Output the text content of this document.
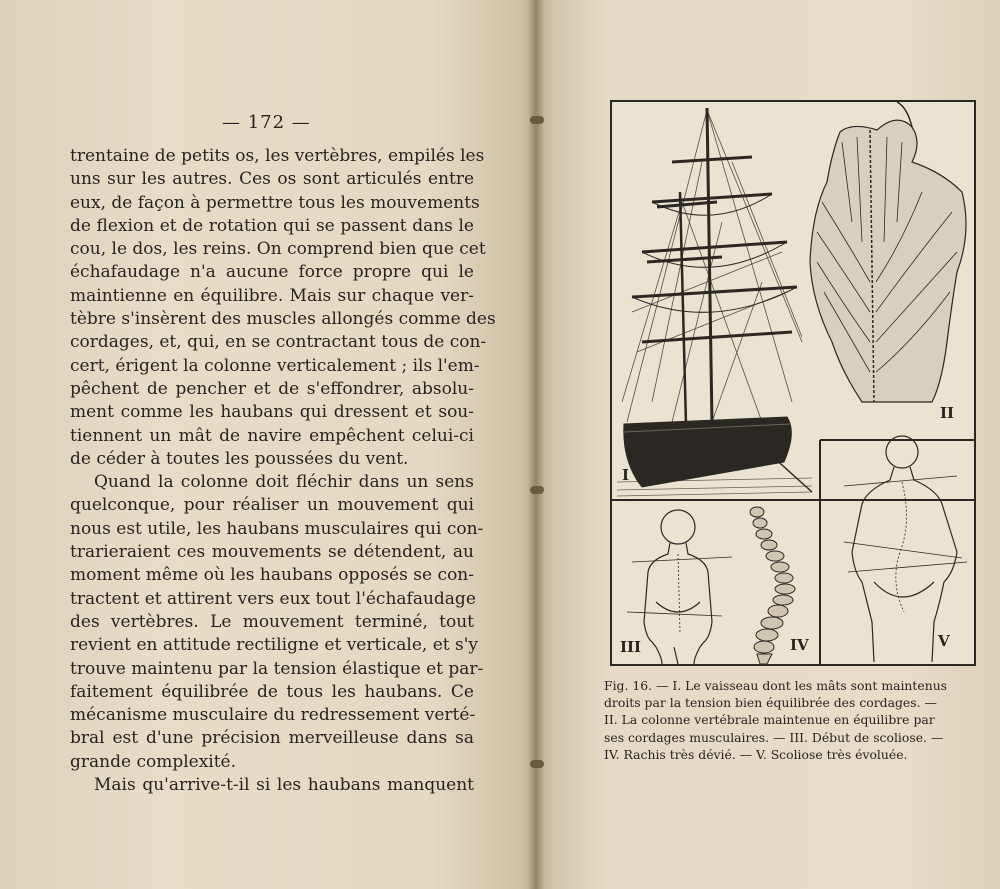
— 172 —
trentaine de petits os, les vertèbres, empilés les
uns sur les autres. Ces os sont articulés entre
eux, de façon à permettre tous les mouvements
de flexion et de rotation qui se passent dans le
cou, le dos, les reins. On comprend bien que cet
échafaudage n'a aucune force propre qui le
maintienne en équilibre. Mais sur chaque ver-
tèbre s'insèrent des muscles allongés comme des
cordages, et, qui, en se contractant tous de con-
cert, érigent la colonne verticalement ; ils l'em-
pêchent de pencher et de s'effondrer, absolu-
ment comme les haubans qui dressent et sou-
tiennent un mât de navire empêchent celui-ci
de céder à toutes les poussées du vent.
Quand la colonne doit fléchir dans un sens
quelconque, pour réaliser un mouvement qui
nous est utile, les haubans musculaires qui con-
trarieraient ces mouvements se détendent, au
moment même où les haubans opposés se con-
tractent et attirent vers eux tout l'échafaudage
des vertèbres. Le mouvement terminé, tout
revient en attitude rectiligne et verticale, et s'y
trouve maintenu par la tension élastique et par-
faitement équilibrée de tous les haubans. Ce
mécanisme musculaire du redressement verté-
bral est d'une précision merveilleuse dans sa
grande complexité.
Mais qu'arrive-t-il si les haubans manquent
I
II
III	IV	V
Fig. 16. — I. Le vaisseau dont les mâts sont maintenus
droits par la tension bien équilibrée des cordages. —
II. La colonne vertébrale maintenue en équilibre par
ses cordages musculaires. — III. Début de scoliose. —
IV. Rachis très dévié. — V. Scoliose très évoluée.
